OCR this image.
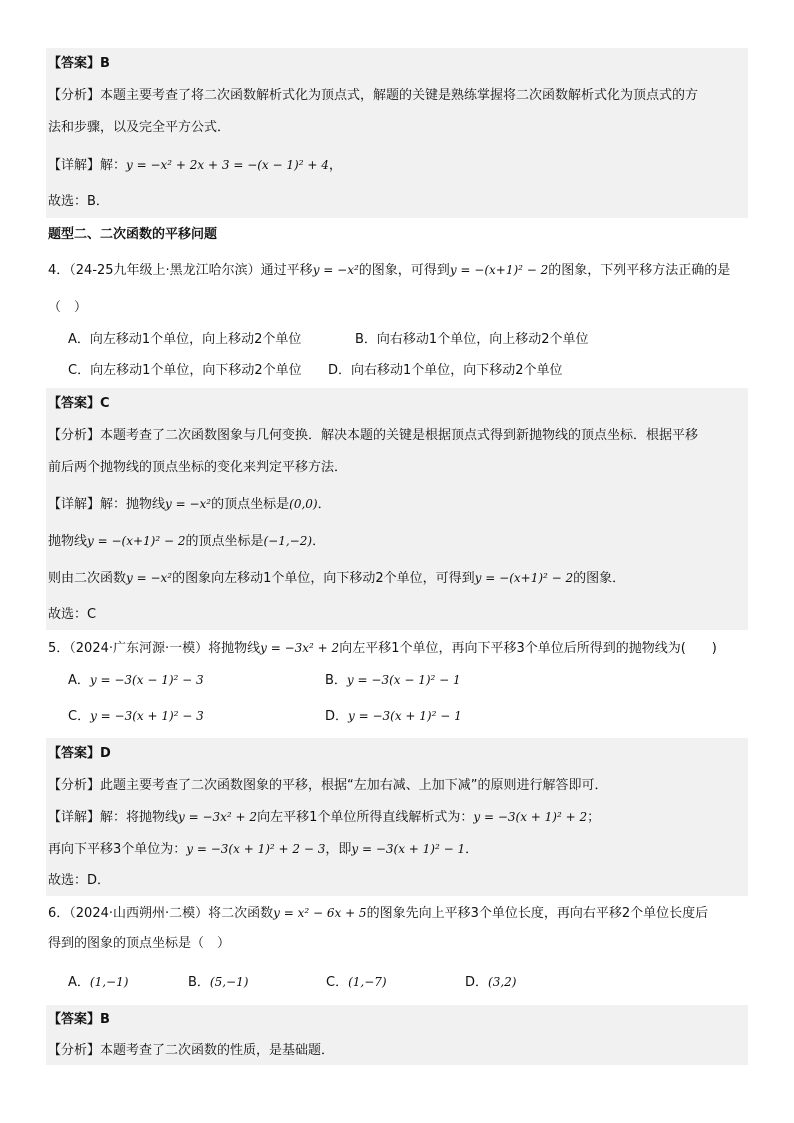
【答案】B
【分析】本题主要考查了将二次函数解析式化为顶点式，解题的关键是熟练掌握将二次函数解析式化为顶点式的方
法和步骤，以及完全平方公式．
【详解】解：y = −x² + 2x + 3 = −(x − 1)² + 4，
故选：B．
题型二、二次函数的平移问题
4．（24-25九年级上·黑龙江哈尔滨）通过平移y = −x²的图象，可得到y = −(x+1)² − 2的图象，下列平移方法正确的是
（　）
A．向左移动1个单位，向上移动2个单位	B．向右移动1个单位，向上移动2个单位
C．向左移动1个单位，向下移动2个单位 D．向右移动1个单位，向下移动2个单位
【答案】C
【分析】本题考查了二次函数图象与几何变换．解决本题的关键是根据顶点式得到新抛物线的顶点坐标．根据平移
前后两个抛物线的顶点坐标的变化来判定平移方法．
【详解】解：抛物线y = −x²的顶点坐标是(0,0)．
抛物线y = −(x+1)² − 2的顶点坐标是(−1,−2)．
则由二次函数y = −x²的图象向左移动1个单位，向下移动2个单位，可得到y = −(x+1)² − 2的图象．
故选：C
5．（2024·广东河源·一模）将抛物线y = −3x² + 2向左平移1个单位，再向下平移3个单位后所得到的抛物线为(　　)
A．y = −3(x − 1)² − 3	B．y = −3(x − 1)² − 1
C．y = −3(x + 1)² − 3	D．y = −3(x + 1)² − 1
【答案】D
【分析】此题主要考查了二次函数图象的平移，根据“左加右减、上加下减”的原则进行解答即可．
【详解】解：将抛物线y = −3x² + 2向左平移1个单位所得直线解析式为：y = −3(x + 1)² + 2；
再向下平移3个单位为：y = −3(x + 1)² + 2 − 3，即y = −3(x + 1)² − 1．
故选：D．
6．（2024·山西朔州·二模）将二次函数y = x² − 6x + 5的图象先向上平移3个单位长度，再向右平移2个单位长度后
得到的图象的顶点坐标是（　）
A．(1,−1)	B．(5,−1)	C．(1,−7)	D．(3,2)
【答案】B
【分析】本题考查了二次函数的性质，是基础题．
